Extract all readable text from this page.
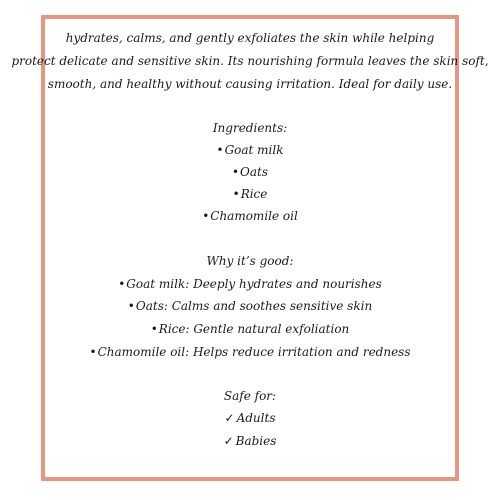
hydrates, calms, and gently exfoliates the skin while helping
protect delicate and sensitive skin. Its nourishing formula leaves the skin soft,
smooth, and healthy without causing irritation. Ideal for daily use.
Ingredients:
• Goat milk
• Oats
• Rice
• Chamomile oil
Why it’s good:
• Goat milk: Deeply hydrates and nourishes
• Oats: Calms and soothes sensitive skin
• Rice: Gentle natural exfoliation
• Chamomile oil: Helps reduce irritation and redness
Safe for:
✓ Adults
✓ Babies
